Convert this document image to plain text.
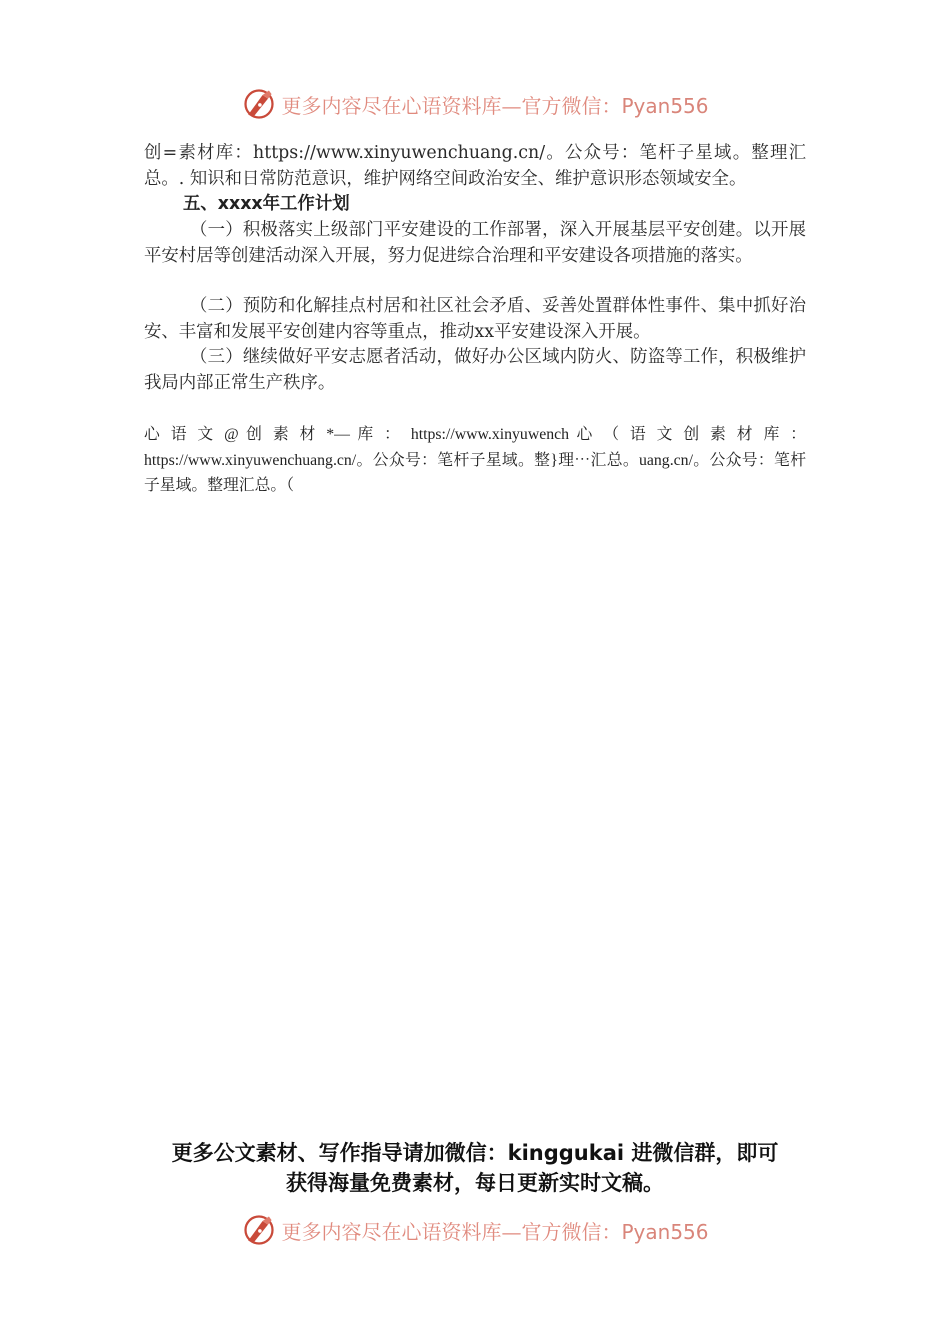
更多内容尽在心语资料库—官方微信：Pyan556

创=素材库：https://www.xinyuwenchuang.cn/。公众号：笔杆子星域。整理汇总。. 知识和日常防范意识，维护网络空间政治安全、维护意识形态领域安全。

五、xxxx年工作计划

（一）积极落实上级部门平安建设的工作部署，深入开展基层平安创建。以开展平安村居等创建活动深入开展，努力促进综合治理和平安建设各项措施的落实。

（二）预防和化解挂点村居和社区社会矛盾、妥善处置群体性事件、集中抓好治安、丰富和发展平安创建内容等重点，推动xx平安建设深入开展。

（三）继续做好平安志愿者活动，做好办公区域内防火、防盗等工作，积极维护我局内部正常生产秩序。

心 语 文 @ 创 素 材 *— 库 ： https://www.xinyuwench 心 （ 语 文 创 素 材 库 ： https://www.xinyuwenchuang.cn/。公众号：笔杆子星域。整}理⋯汇总。uang.cn/。公众号：笔杆子星域。整理汇总。（

更多公文素材、写作指导请加微信：kinggukai 进微信群，即可
获得海量免费素材，每日更新实时文稿。
更多内容尽在心语资料库—官方微信：Pyan556
